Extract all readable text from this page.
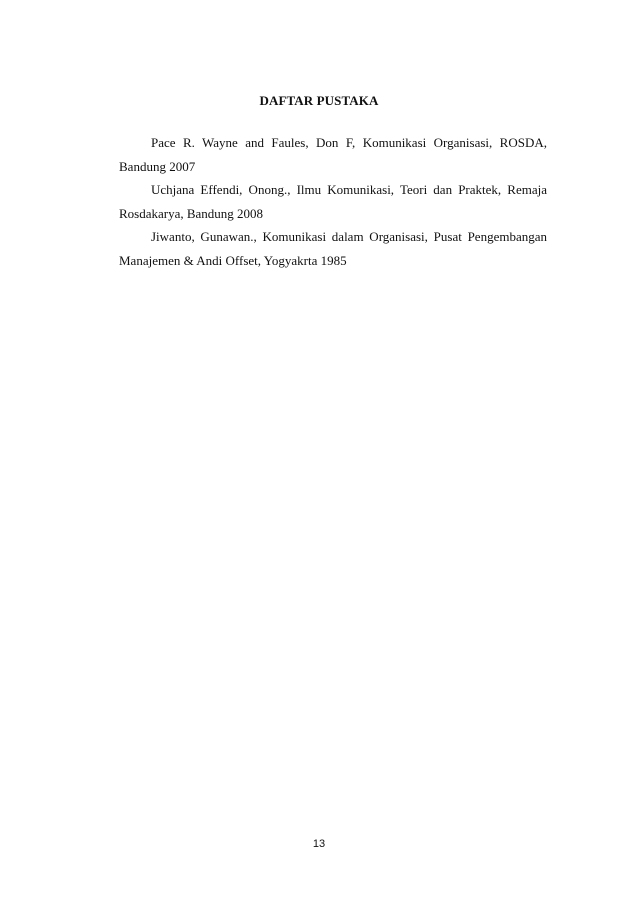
DAFTAR PUSTAKA

Pace R. Wayne and Faules, Don F, Komunikasi Organisasi, ROSDA, Bandung 2007

Uchjana Effendi, Onong., Ilmu Komunikasi, Teori dan Praktek, Remaja Rosdakarya, Bandung 2008

Jiwanto, Gunawan., Komunikasi dalam Organisasi, Pusat Pengembangan Manajemen & Andi Offset, Yogyakrta 1985

13
